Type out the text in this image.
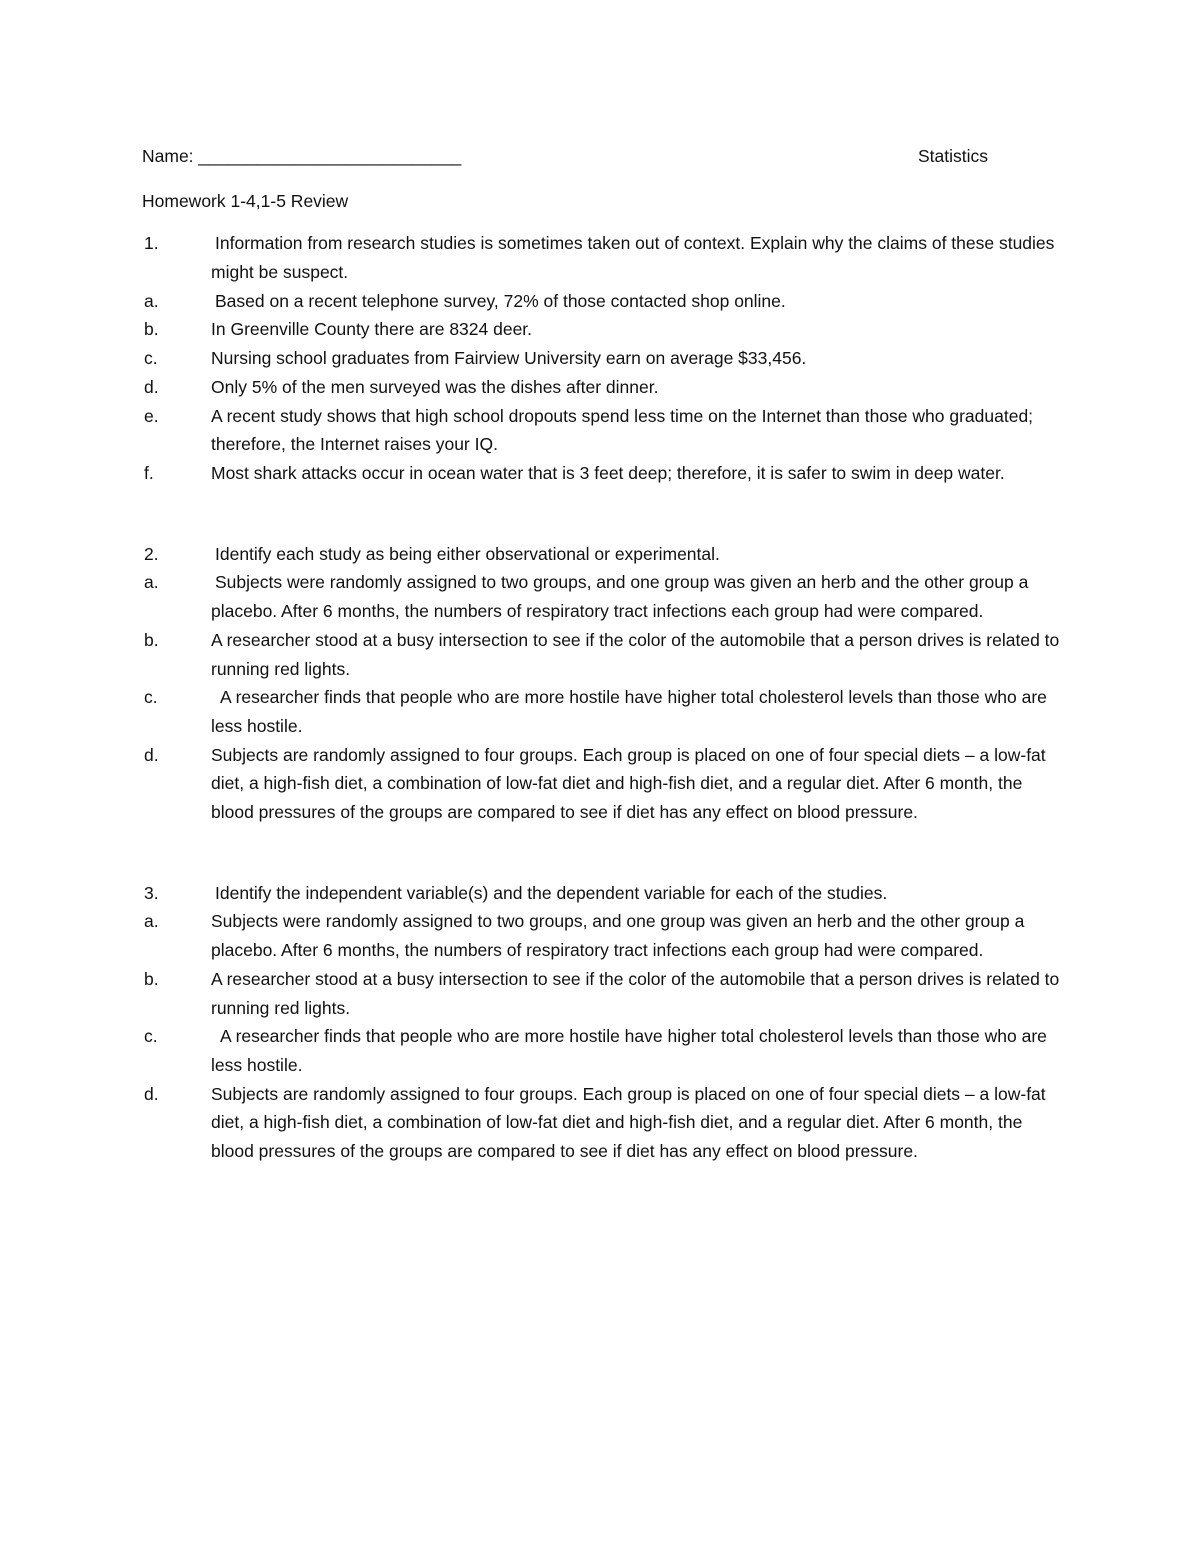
Name: ___________________________	Statistics
Homework 1-4,1-5 Review
1.	Information from research studies is sometimes taken out of context. Explain why the claims of these studies might be suspect.
a.	Based on a recent telephone survey, 72% of those contacted shop online.
b.	In Greenville County there are 8324 deer.
c.	Nursing school graduates from Fairview University earn on average $33,456.
d.	Only 5% of the men surveyed was the dishes after dinner.
e.	A recent study shows that high school dropouts spend less time on the Internet than those who graduated; therefore, the Internet raises your IQ.
f.	Most shark attacks occur in ocean water that is 3 feet deep; therefore, it is safer to swim in deep water.
2.	Identify each study as being either observational or experimental.
a.	Subjects were randomly assigned to two groups, and one group was given an herb and the other group a placebo. After 6 months, the numbers of respiratory tract infections each group had were compared.
b.	A researcher stood at a busy intersection to see if the color of the automobile that a person drives is related to running red lights.
c.	A researcher finds that people who are more hostile have higher total cholesterol levels than those who are less hostile.
d.	Subjects are randomly assigned to four groups. Each group is placed on one of four special diets – a low-fat diet, a high-fish diet, a combination of low-fat diet and high-fish diet, and a regular diet. After 6 month, the blood pressures of the groups are compared to see if diet has any effect on blood pressure.
3.	Identify the independent variable(s) and the dependent variable for each of the studies.
a.	Subjects were randomly assigned to two groups, and one group was given an herb and the other group a placebo. After 6 months, the numbers of respiratory tract infections each group had were compared.
b.	A researcher stood at a busy intersection to see if the color of the automobile that a person drives is related to running red lights.
c.	A researcher finds that people who are more hostile have higher total cholesterol levels than those who are less hostile.
d.	Subjects are randomly assigned to four groups. Each group is placed on one of four special diets – a low-fat diet, a high-fish diet, a combination of low-fat diet and high-fish diet, and a regular diet. After 6 month, the blood pressures of the groups are compared to see if diet has any effect on blood pressure.
